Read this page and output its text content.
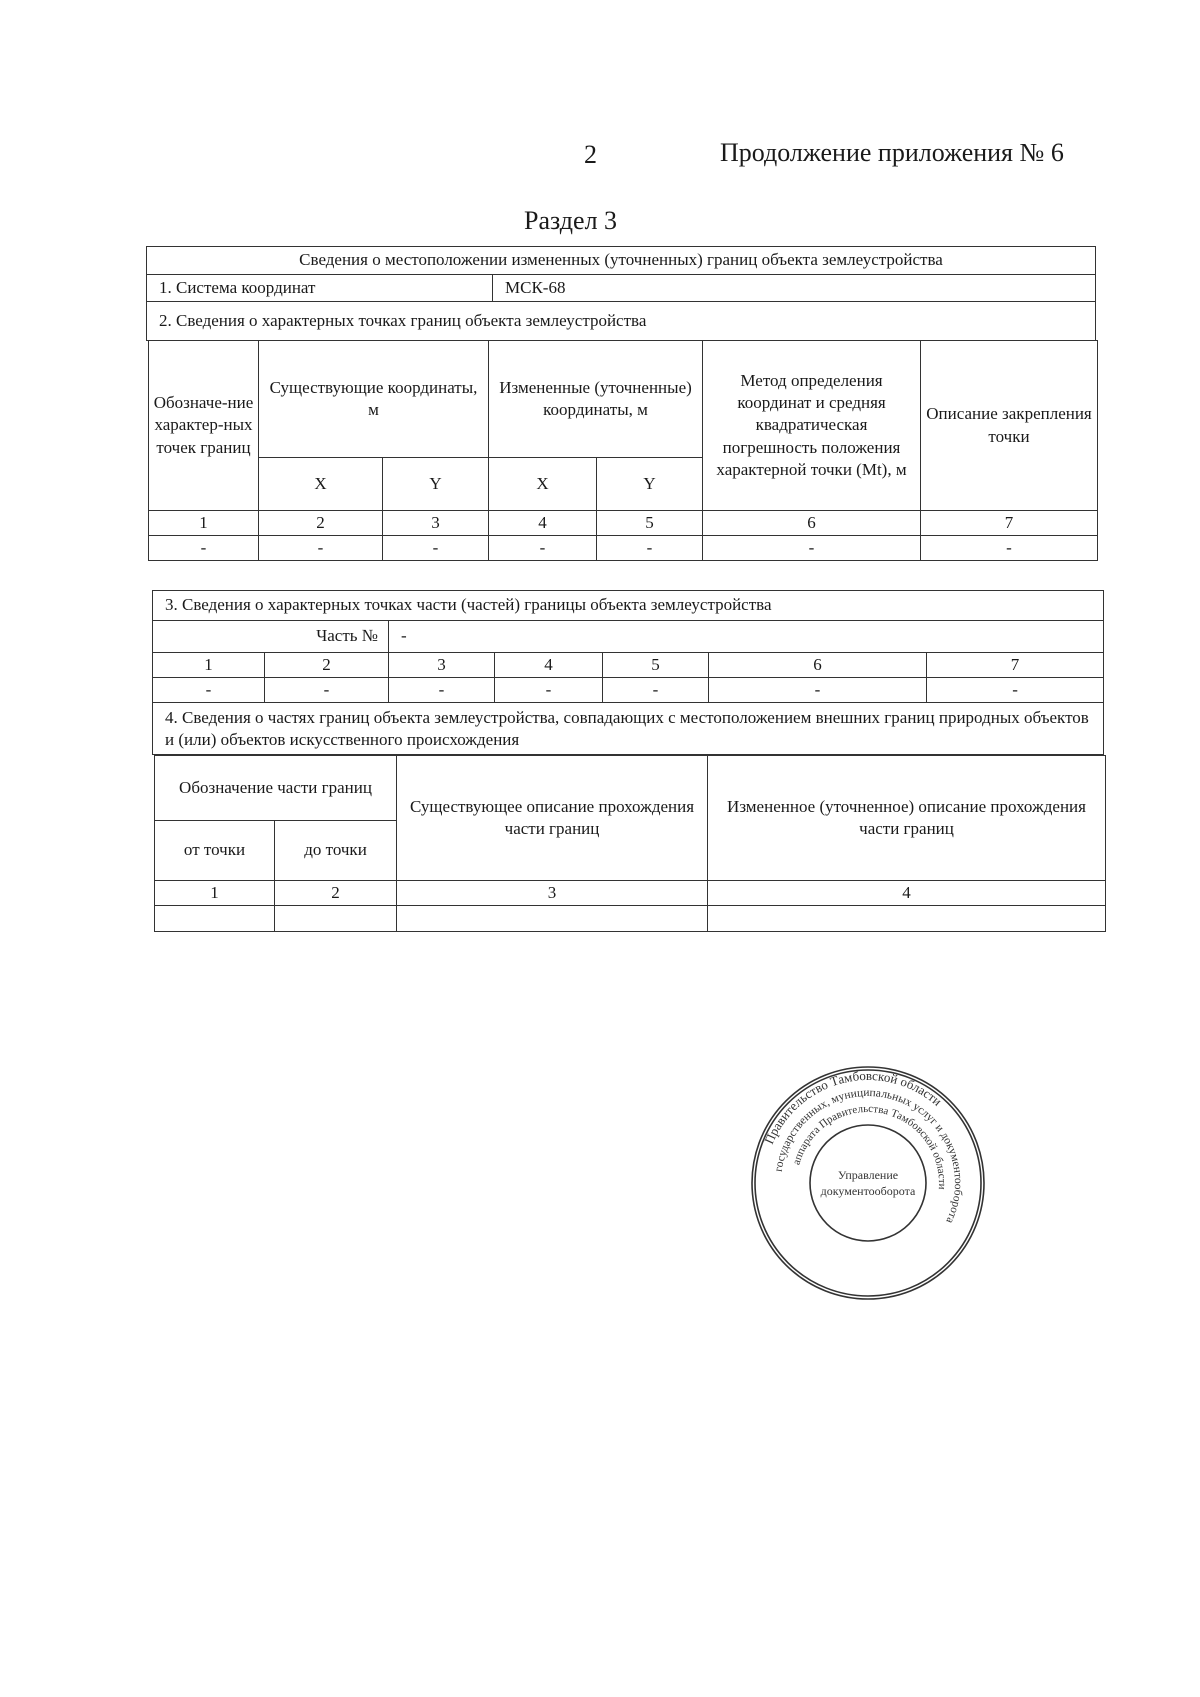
2	Продолжение приложения № 6
Раздел 3
Сведения о местоположении измененных (уточненных) границ объекта землеустройства
1. Система координат	МСК-68
2. Сведения о характерных точках границ объекта землеустройства
Обозначе-ние характер-ных точек границ	Существующие координаты, м		Измененные (уточненные) координаты, м		Метод определения координат и средняя квадратическая погрешность положения характерной точки (Mt), м	Описание закрепления точки
	X	Y	X	Y		
1	2	3	4	5	6	7
-	-	-	-	-	-	-
3. Сведения о характерных точках части (частей) границы объекта землеустройства						
Часть №		-				
1	2	3	4	5	6	7
-	-	-	-	-	-	-
4. Сведения о частях границ объекта землеустройства, совпадающих с местоположением внешних границ природных объектов и (или) объектов искусственного происхождения						
Обозначение части границ		Существующее описание прохождения части границ	Измененное (уточненное) описание прохождения части границ
от точки	до точки		
1	2	3	4

Правительство Тамбовской области
государственных, муниципальных услуг и документооборота
аппарата Правительства Тамбовской области
Управление
документооборота
